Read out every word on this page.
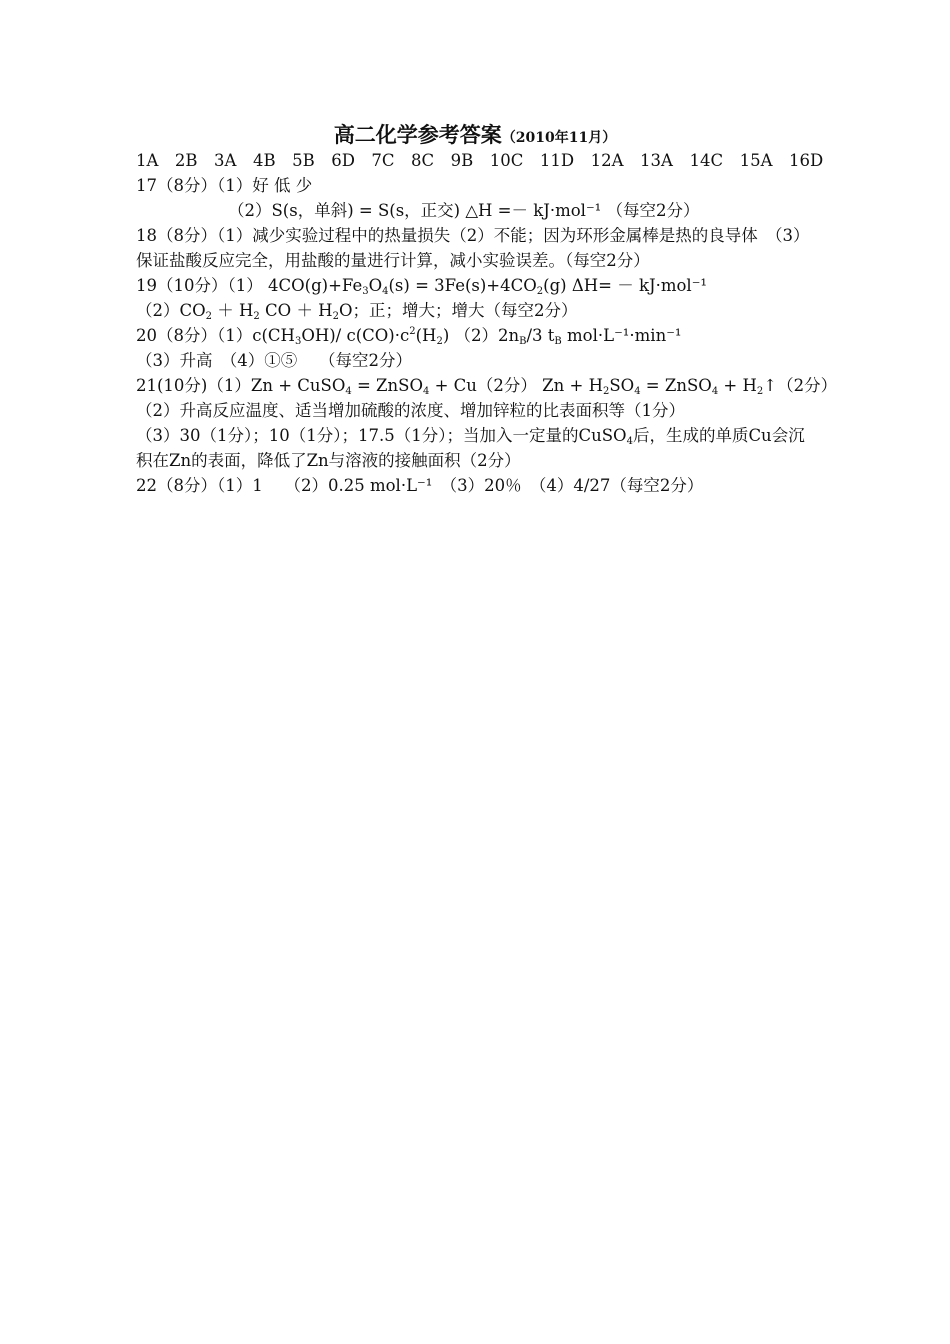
高二化学参考答案（2010年11月）
1A　2B　3A　4B　5B　6D　7C　8C　9B　10C　11D　12A　13A　14C　15A　16D
17（8分）（1）好 低 少
（2）S(s，单斜) = S(s，正交) △H =－ kJ·mol⁻¹ （每空2分）
18（8分）（1）减少实验过程中的热量损失（2）不能；因为环形金属棒是热的良导体　（3）保证盐酸反应完全，用盐酸的量进行计算，减小实验误差。（每空2分）
19（10分）（1） $4CO(g)+Fe_3O_4(s) = 3Fe(s)+4CO_2(g) \Delta H= - kJ\cdot mol^{-1}$
$(2)CO_2 + H_2$ CO ＋ $H_2O$；正；增大；增大（每空2分）
20（8分）$(1)c(CH_3OH)/$ $c(CO)\cdot c^2(H_2)$ $(2)2n_B/3$ $t_B$ mol·L⁻¹·min⁻¹
（3）升高　（4）①⑤　 （每空2分）
21(10分)（1）Zn + CuSO$_4$ = ZnSO$_4$ + Cu（2分） $Zn + H_2SO_4$ = ZnSO$_4$ + $H_2↑(2$分）
（2）升高反应温度、适当增加硫酸的浓度、增加锌粒的比表面积等（1分）
（3）30（1分）；10（1分）；17.5（1分）；当加入一定量的CuSO$_4$后，生成的单质Cu会沉积在Zn的表面，降低了Zn与溶液的接触面积（2分）
22（8分）（1）1　 （2）0.25 mol·L⁻¹　（3）20％　（4）4/27（每空2分）
